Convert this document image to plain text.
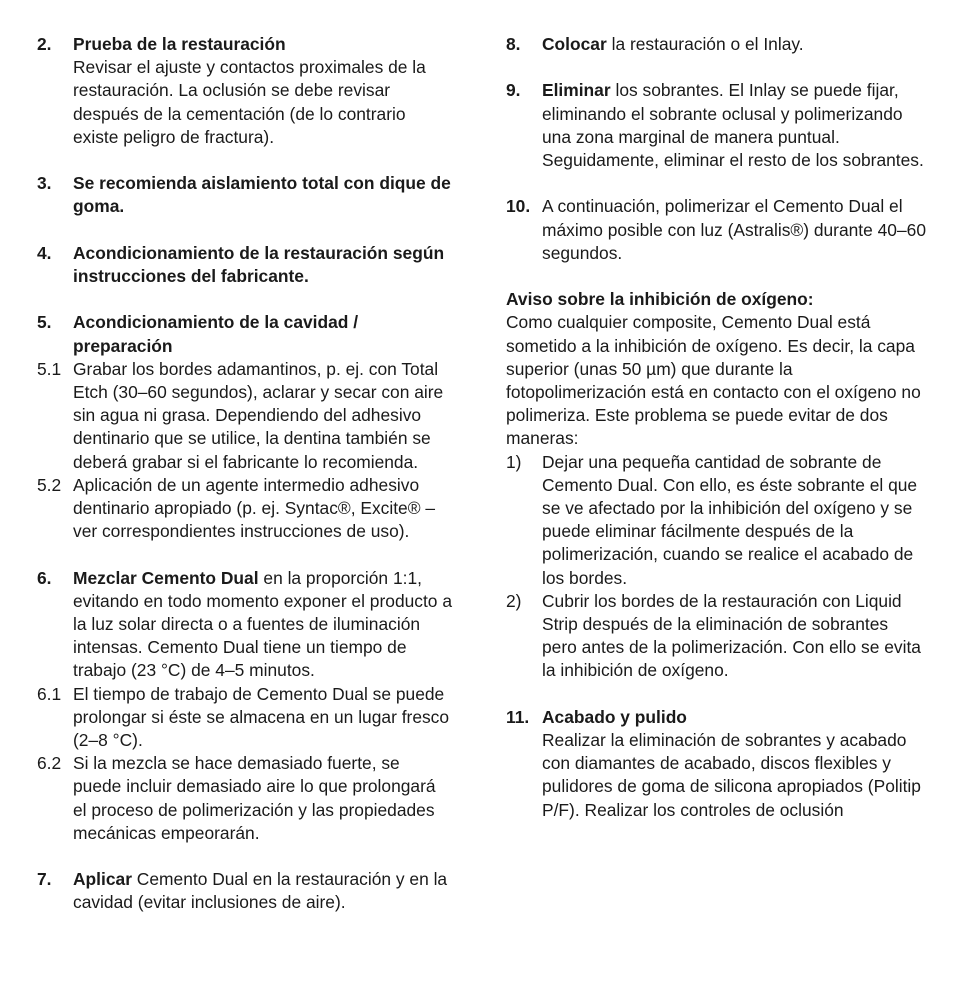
2.	Prueba de la restauración
Revisar el ajuste y contactos proximales de la restauración. La oclusión se debe revisar después de la cementación (de lo contrario existe peligro de fractura).
3.	Se recomienda aislamiento total con dique de goma.
4.	Acondicionamiento de la restauración según instrucciones del fabricante.
5.	Acondicionamiento de la cavidad / preparación
5.1 Grabar los bordes adamantinos, p. ej. con Total Etch (30–60 segundos), aclarar y secar con aire sin agua ni grasa. Dependiendo del adhesivo dentinario que se utilice, la dentina también se deberá grabar si el fabricante lo recomienda.
5.2 Aplicación de un agente intermedio adhesivo dentinario apropiado (p. ej. Syntac®, Excite® – ver correspondientes instrucciones de uso).
6.	Mezclar Cemento Dual en la proporción 1:1, evitando en todo momento exponer el producto a la luz solar directa o a fuentes de iluminación intensas. Cemento Dual tiene un tiempo de trabajo (23 °C) de 4–5 minutos.
6.1 El tiempo de trabajo de Cemento Dual se puede prolongar si éste se almacena en un lugar fresco (2–8 °C).
6.2 Si la mezcla se hace demasiado fuerte, se puede incluir demasiado aire lo que prolongará el proceso de polimerización y las propiedades mecánicas empeorarán.
7.	Aplicar Cemento Dual en la restauración y en la cavidad (evitar inclusiones de aire).
8.	Colocar la restauración o el Inlay.
9.	Eliminar los sobrantes. El Inlay se puede fijar, eliminando el sobrante oclusal y polimerizando una zona marginal de manera puntual. Seguidamente, eliminar el resto de los sobrantes.
10. A continuación, polimerizar el Cemento Dual el máximo posible con luz (Astralis®) durante 40–60 segundos.
Aviso sobre la inhibición de oxígeno:
Como cualquier composite, Cemento Dual está sometido a la inhibición de oxígeno. Es decir, la capa superior (unas 50 µm) que durante la fotopolimerización está en contacto con el oxígeno no polimeriza. Este problema se puede evitar de dos maneras:
1)	Dejar una pequeña cantidad de sobrante de Cemento Dual. Con ello, es éste sobrante el que se ve afectado por la inhibición del oxígeno y se puede eliminar fácilmente después de la polimerización, cuando se realice el acabado de los bordes.
2)	Cubrir los bordes de la restauración con Liquid Strip después de la eliminación de sobrantes pero antes de la polimerización. Con ello se evita la inhibición de oxígeno.
11. Acabado y pulido
Realizar la eliminación de sobrantes y acabado con diamantes de acabado, discos flexibles y pulidores de goma de silicona apropiados (Politip P/F). Realizar los controles de oclusión
